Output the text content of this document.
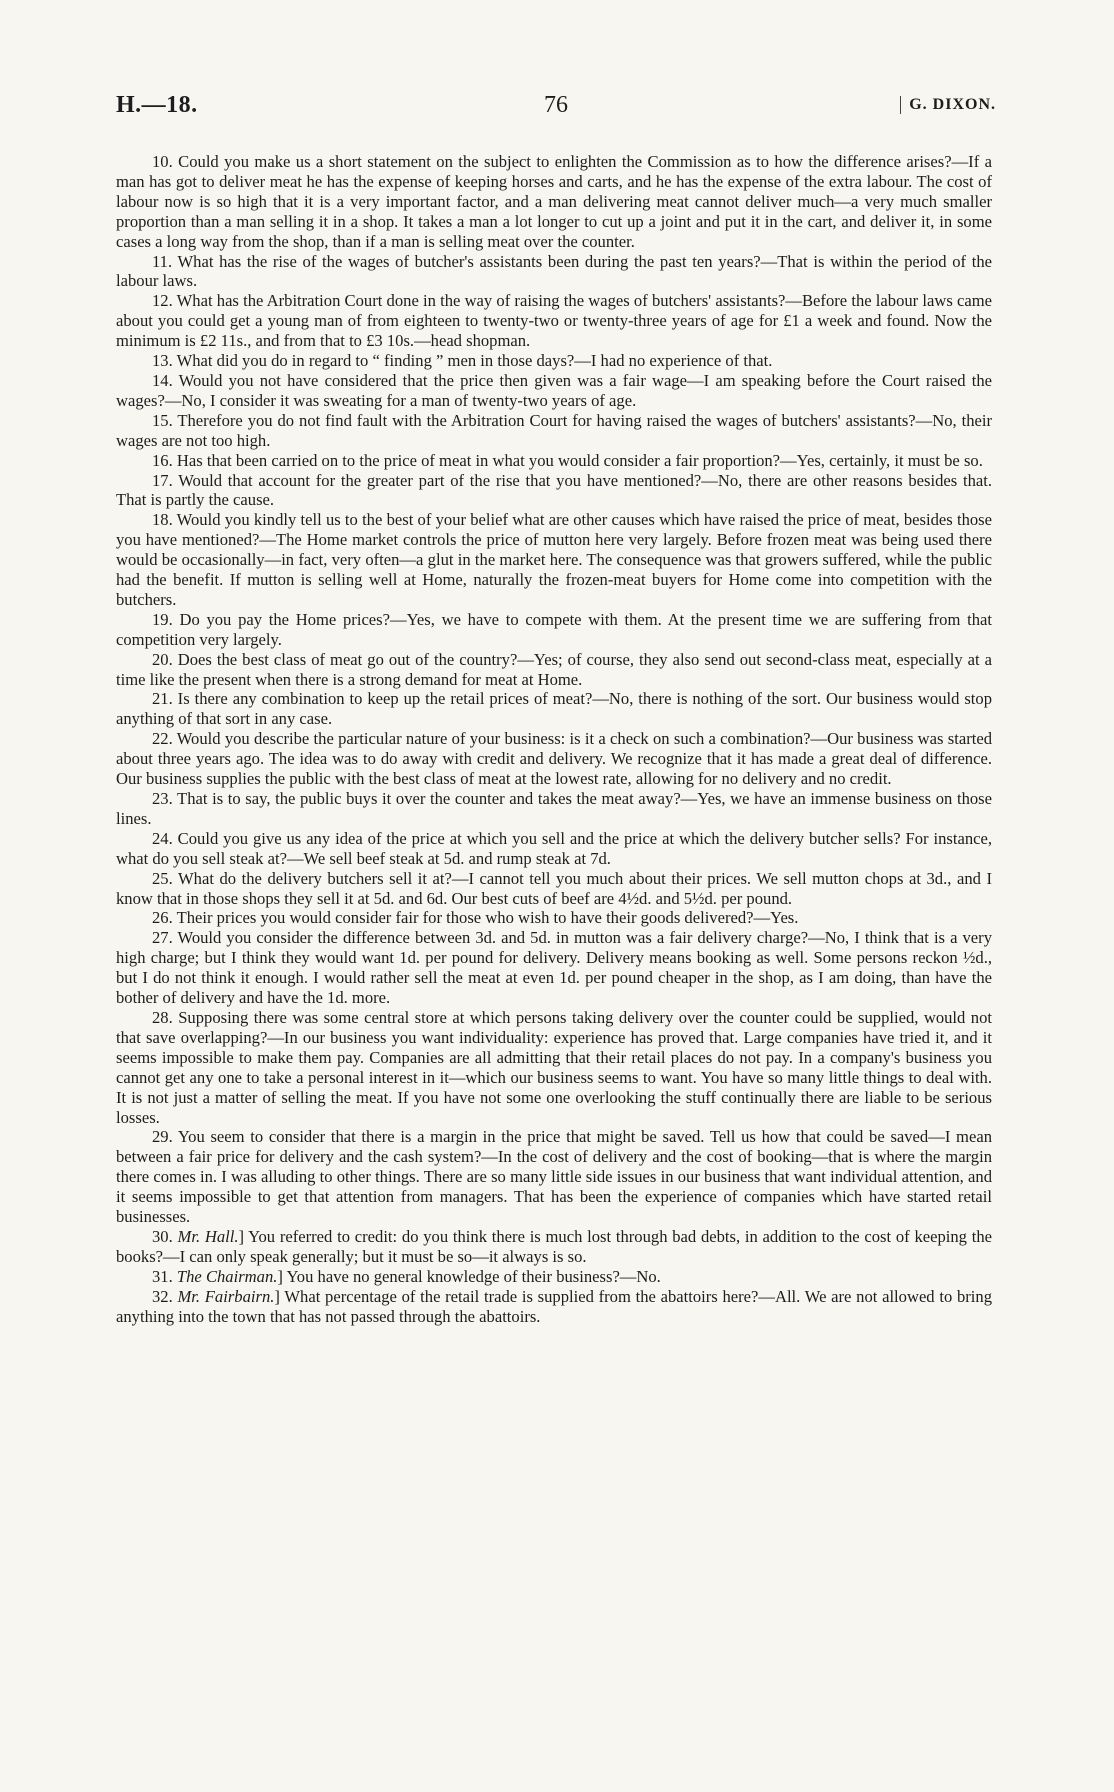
H.—18.	76	G. DIXON.

10. Could you make us a short statement on the subject to enlighten the Commission as to how the difference arises?—If a man has got to deliver meat he has the expense of keeping horses and carts, and he has the expense of the extra labour. The cost of labour now is so high that it is a very important factor, and a man delivering meat cannot deliver much—a very much smaller proportion than a man selling it in a shop. It takes a man a lot longer to cut up a joint and put it in the cart, and deliver it, in some cases a long way from the shop, than if a man is selling meat over the counter.

11. What has the rise of the wages of butcher's assistants been during the past ten years?—That is within the period of the labour laws.

12. What has the Arbitration Court done in the way of raising the wages of butchers' assistants?—Before the labour laws came about you could get a young man of from eighteen to twenty-two or twenty-three years of age for £1 a week and found. Now the minimum is £2 11s., and from that to £3 10s.—head shopman.

13. What did you do in regard to “ finding ” men in those days?—I had no experience of that.

14. Would you not have considered that the price then given was a fair wage—I am speaking before the Court raised the wages?—No, I consider it was sweating for a man of twenty-two years of age.

15. Therefore you do not find fault with the Arbitration Court for having raised the wages of butchers' assistants?—No, their wages are not too high.

16. Has that been carried on to the price of meat in what you would consider a fair proportion?—Yes, certainly, it must be so.

17. Would that account for the greater part of the rise that you have mentioned?—No, there are other reasons besides that. That is partly the cause.

18. Would you kindly tell us to the best of your belief what are other causes which have raised the price of meat, besides those you have mentioned?—The Home market controls the price of mutton here very largely. Before frozen meat was being used there would be occasionally—in fact, very often—a glut in the market here. The consequence was that growers suffered, while the public had the benefit. If mutton is selling well at Home, naturally the frozen-meat buyers for Home come into competition with the butchers.

19. Do you pay the Home prices?—Yes, we have to compete with them. At the present time we are suffering from that competition very largely.

20. Does the best class of meat go out of the country?—Yes; of course, they also send out second-class meat, especially at a time like the present when there is a strong demand for meat at Home.

21. Is there any combination to keep up the retail prices of meat?—No, there is nothing of the sort. Our business would stop anything of that sort in any case.

22. Would you describe the particular nature of your business: is it a check on such a combination?—Our business was started about three years ago. The idea was to do away with credit and delivery. We recognize that it has made a great deal of difference. Our business supplies the public with the best class of meat at the lowest rate, allowing for no delivery and no credit.

23. That is to say, the public buys it over the counter and takes the meat away?—Yes, we have an immense business on those lines.

24. Could you give us any idea of the price at which you sell and the price at which the delivery butcher sells? For instance, what do you sell steak at?—We sell beef steak at 5d. and rump steak at 7d.

25. What do the delivery butchers sell it at?—I cannot tell you much about their prices. We sell mutton chops at 3d., and I know that in those shops they sell it at 5d. and 6d. Our best cuts of beef are 4½d. and 5½d. per pound.

26. Their prices you would consider fair for those who wish to have their goods delivered?—Yes.

27. Would you consider the difference between 3d. and 5d. in mutton was a fair delivery charge?—No, I think that is a very high charge; but I think they would want 1d. per pound for delivery. Delivery means booking as well. Some persons reckon ½d., but I do not think it enough. I would rather sell the meat at even 1d. per pound cheaper in the shop, as I am doing, than have the bother of delivery and have the 1d. more.

28. Supposing there was some central store at which persons taking delivery over the counter could be supplied, would not that save overlapping?—In our business you want individuality: experience has proved that. Large companies have tried it, and it seems impossible to make them pay. Companies are all admitting that their retail places do not pay. In a company's business you cannot get any one to take a personal interest in it—which our business seems to want. You have so many little things to deal with. It is not just a matter of selling the meat. If you have not some one overlooking the stuff continually there are liable to be serious losses.

29. You seem to consider that there is a margin in the price that might be saved. Tell us how that could be saved—I mean between a fair price for delivery and the cash system?—In the cost of delivery and the cost of booking—that is where the margin there comes in. I was alluding to other things. There are so many little side issues in our business that want individual attention, and it seems impossible to get that attention from managers. That has been the experience of companies which have started retail businesses.

30. Mr. Hall.] You referred to credit: do you think there is much lost through bad debts, in addition to the cost of keeping the books?—I can only speak generally; but it must be so—it always is so.

31. The Chairman.] You have no general knowledge of their business?—No.

32. Mr. Fairbairn.] What percentage of the retail trade is supplied from the abattoirs here?—All. We are not allowed to bring anything into the town that has not passed through the abattoirs.
